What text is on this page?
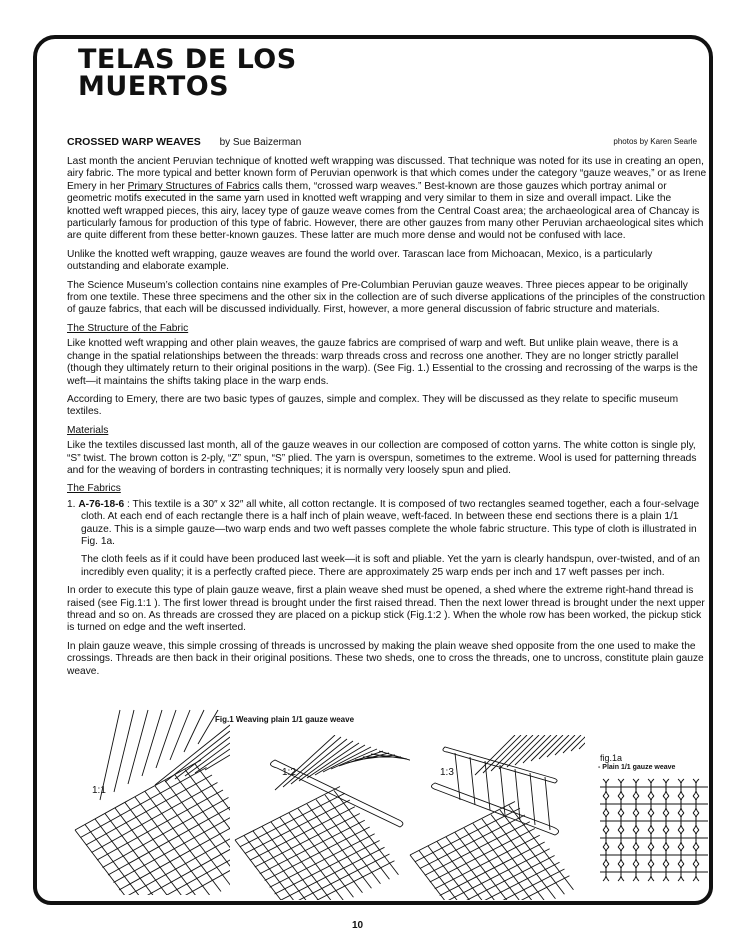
TELAS DE LOS
MUERTOS
CROSSED WARP WEAVES by Sue Baizerman	photos by Karen Searle

Last month the ancient Peruvian technique of knotted weft wrapping was discussed. That technique was noted for its use in creating an open, airy fabric. The more typical and better known form of Peruvian openwork is that which comes under the category “gauze weaves,” or as Irene Emery in her Primary Structures of Fabrics calls them, “crossed warp weaves.” Best-known are those gauzes which portray animal or geometric motifs executed in the same yarn used in knotted weft wrapping and very similar to them in size and overall impact. Like the knotted weft wrapped pieces, this airy, lacey type of gauze weave comes from the Central Coast area; the archaeological area of Chancay is particularly famous for production of this type of fabric. However, there are other gauzes from many other Peruvian archaeological sites which are quite different from these better-known gauzes. These latter are much more dense and would not be confused with lace.

Unlike the knotted weft wrapping, gauze weaves are found the world over. Tarascan lace from Michoacan, Mexico, is a particularly outstanding and elaborate example.

The Science Museum’s collection contains nine examples of Pre-Columbian Peruvian gauze weaves. Three pieces appear to be originally from one textile. These three specimens and the other six in the collection are of such diverse applications of the principles of the construction of gauze fabrics, that each will be discussed individually. First, however, a more general discussion of fabric structure and materials.

The Structure of the Fabric

Like knotted weft wrapping and other plain weaves, the gauze fabrics are comprised of warp and weft. But unlike plain weave, there is a change in the spatial relationships between the threads: warp threads cross and recross one another. They are no longer strictly parallel (though they ultimately return to their original positions in the warp). (See Fig. 1.) Essential to the crossing and recrossing of the warps is the weft—it maintains the shifts taking place in the warp ends.

According to Emery, there are two basic types of gauzes, simple and complex. They will be discussed as they relate to specific museum textiles.

Materials

Like the textiles discussed last month, all of the gauze weaves in our collection are composed of cotton yarns. The white cotton is single ply, “S” twist. The brown cotton is 2-ply, “Z” spun, “S” plied. The yarn is overspun, sometimes to the extreme. Wool is used for patterning threads and for the weaving of borders in contrasting techniques; it is normally very loosely spun and plied.

The Fabrics

1. A-76-18-6 : This textile is a 30″ x 32″ all white, all cotton rectangle. It is composed of two rectangles seamed together, each a four-selvage cloth. At each end of each rectangle there is a half inch of plain weave, weft-faced. In between these end sections there is a plain 1/1 gauze. This is a simple gauze—two warp ends and two weft passes complete the whole fabric structure. This type of cloth is illustrated in Fig. 1a.

The cloth feels as if it could have been produced last week—it is soft and pliable. Yet the yarn is clearly handspun, over-twisted, and of an incredibly even quality; it is a perfectly crafted piece. There are approximately 25 warp ends per inch and 17 weft passes per inch.

In order to execute this type of plain gauze weave, first a plain weave shed must be opened, a shed where the extreme right-hand thread is raised (see Fig.1:1 ). The first lower thread is brought under the first raised thread. Then the next lower thread is brought under the next upper thread and so on. As threads are crossed they are placed on a pickup stick (Fig.1:2 ). When the whole row has been worked, the pickup stick is turned on edge and the weft inserted.

In plain gauze weave, this simple crossing of threads is uncrossed by making the plain weave shed opposite from the one used to make the crossings. Threads are then back in their original positions. These two sheds, one to cross the threads, one to uncross, constitute plain gauze weave.

Fig.1 Weaving plain 1/1 gauze weave
1:1
1:2	1:3
fig.1a
- Plain 1/1 gauze weave
10
